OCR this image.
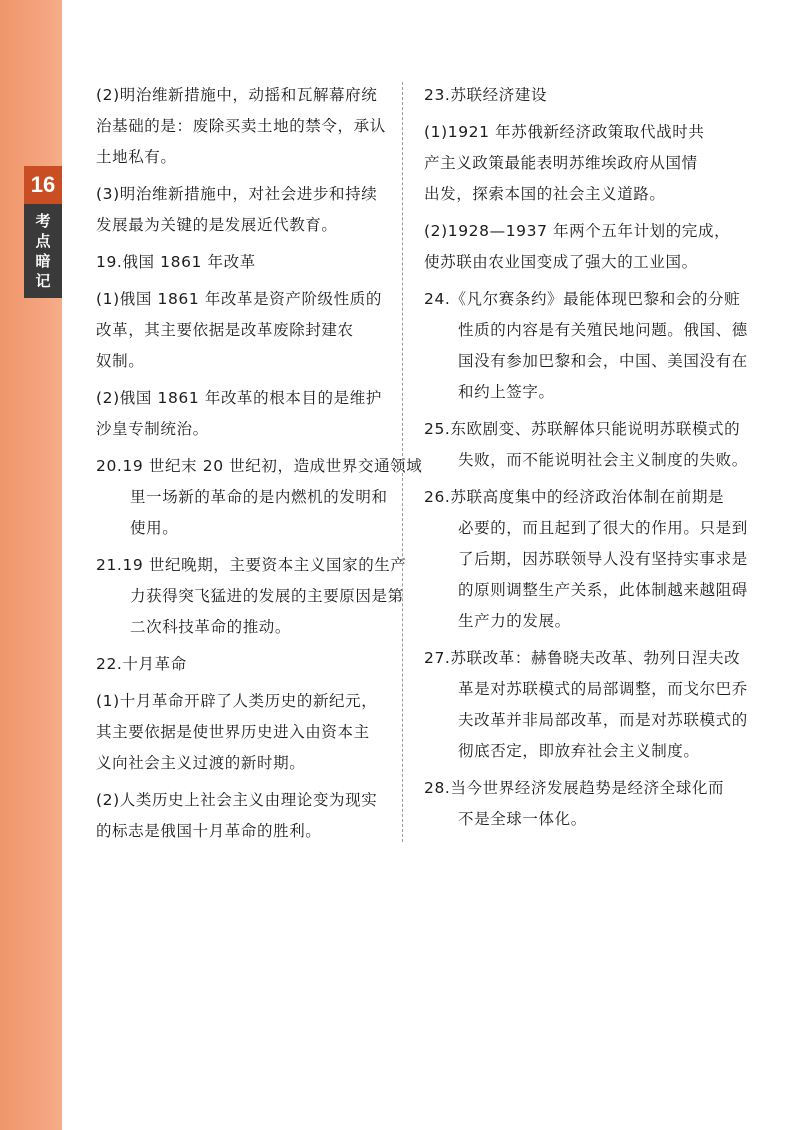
16
考
点
暗
记
(2)明治维新措施中，动摇和瓦解幕府统
治基础的是：废除买卖土地的禁令，承认
土地私有。
(3)明治维新措施中，对社会进步和持续
发展最为关键的是发展近代教育。
19.俄国 1861 年改革
(1)俄国 1861 年改革是资产阶级性质的
改革，其主要依据是改革废除封建农
奴制。
(2)俄国 1861 年改革的根本目的是维护
沙皇专制统治。
20.19 世纪末 20 世纪初，造成世界交通领域
里一场新的革命的是内燃机的发明和
使用。
21.19 世纪晚期，主要资本主义国家的生产
力获得突飞猛进的发展的主要原因是第
二次科技革命的推动。
22.十月革命
(1)十月革命开辟了人类历史的新纪元，
其主要依据是使世界历史进入由资本主
义向社会主义过渡的新时期。
(2)人类历史上社会主义由理论变为现实
的标志是俄国十月革命的胜利。
23.苏联经济建设
(1)1921 年苏俄新经济政策取代战时共
产主义政策最能表明苏维埃政府从国情
出发，探索本国的社会主义道路。
(2)1928—1937 年两个五年计划的完成，
使苏联由农业国变成了强大的工业国。
24.《凡尔赛条约》最能体现巴黎和会的分赃
性质的内容是有关殖民地问题。俄国、德
国没有参加巴黎和会，中国、美国没有在
和约上签字。
25.东欧剧变、苏联解体只能说明苏联模式的
失败，而不能说明社会主义制度的失败。
26.苏联高度集中的经济政治体制在前期是
必要的，而且起到了很大的作用。只是到
了后期，因苏联领导人没有坚持实事求是
的原则调整生产关系，此体制越来越阻碍
生产力的发展。
27.苏联改革：赫鲁晓夫改革、勃列日涅夫改
革是对苏联模式的局部调整，而戈尔巴乔
夫改革并非局部改革，而是对苏联模式的
彻底否定，即放弃社会主义制度。
28.当今世界经济发展趋势是经济全球化而
不是全球一体化。
